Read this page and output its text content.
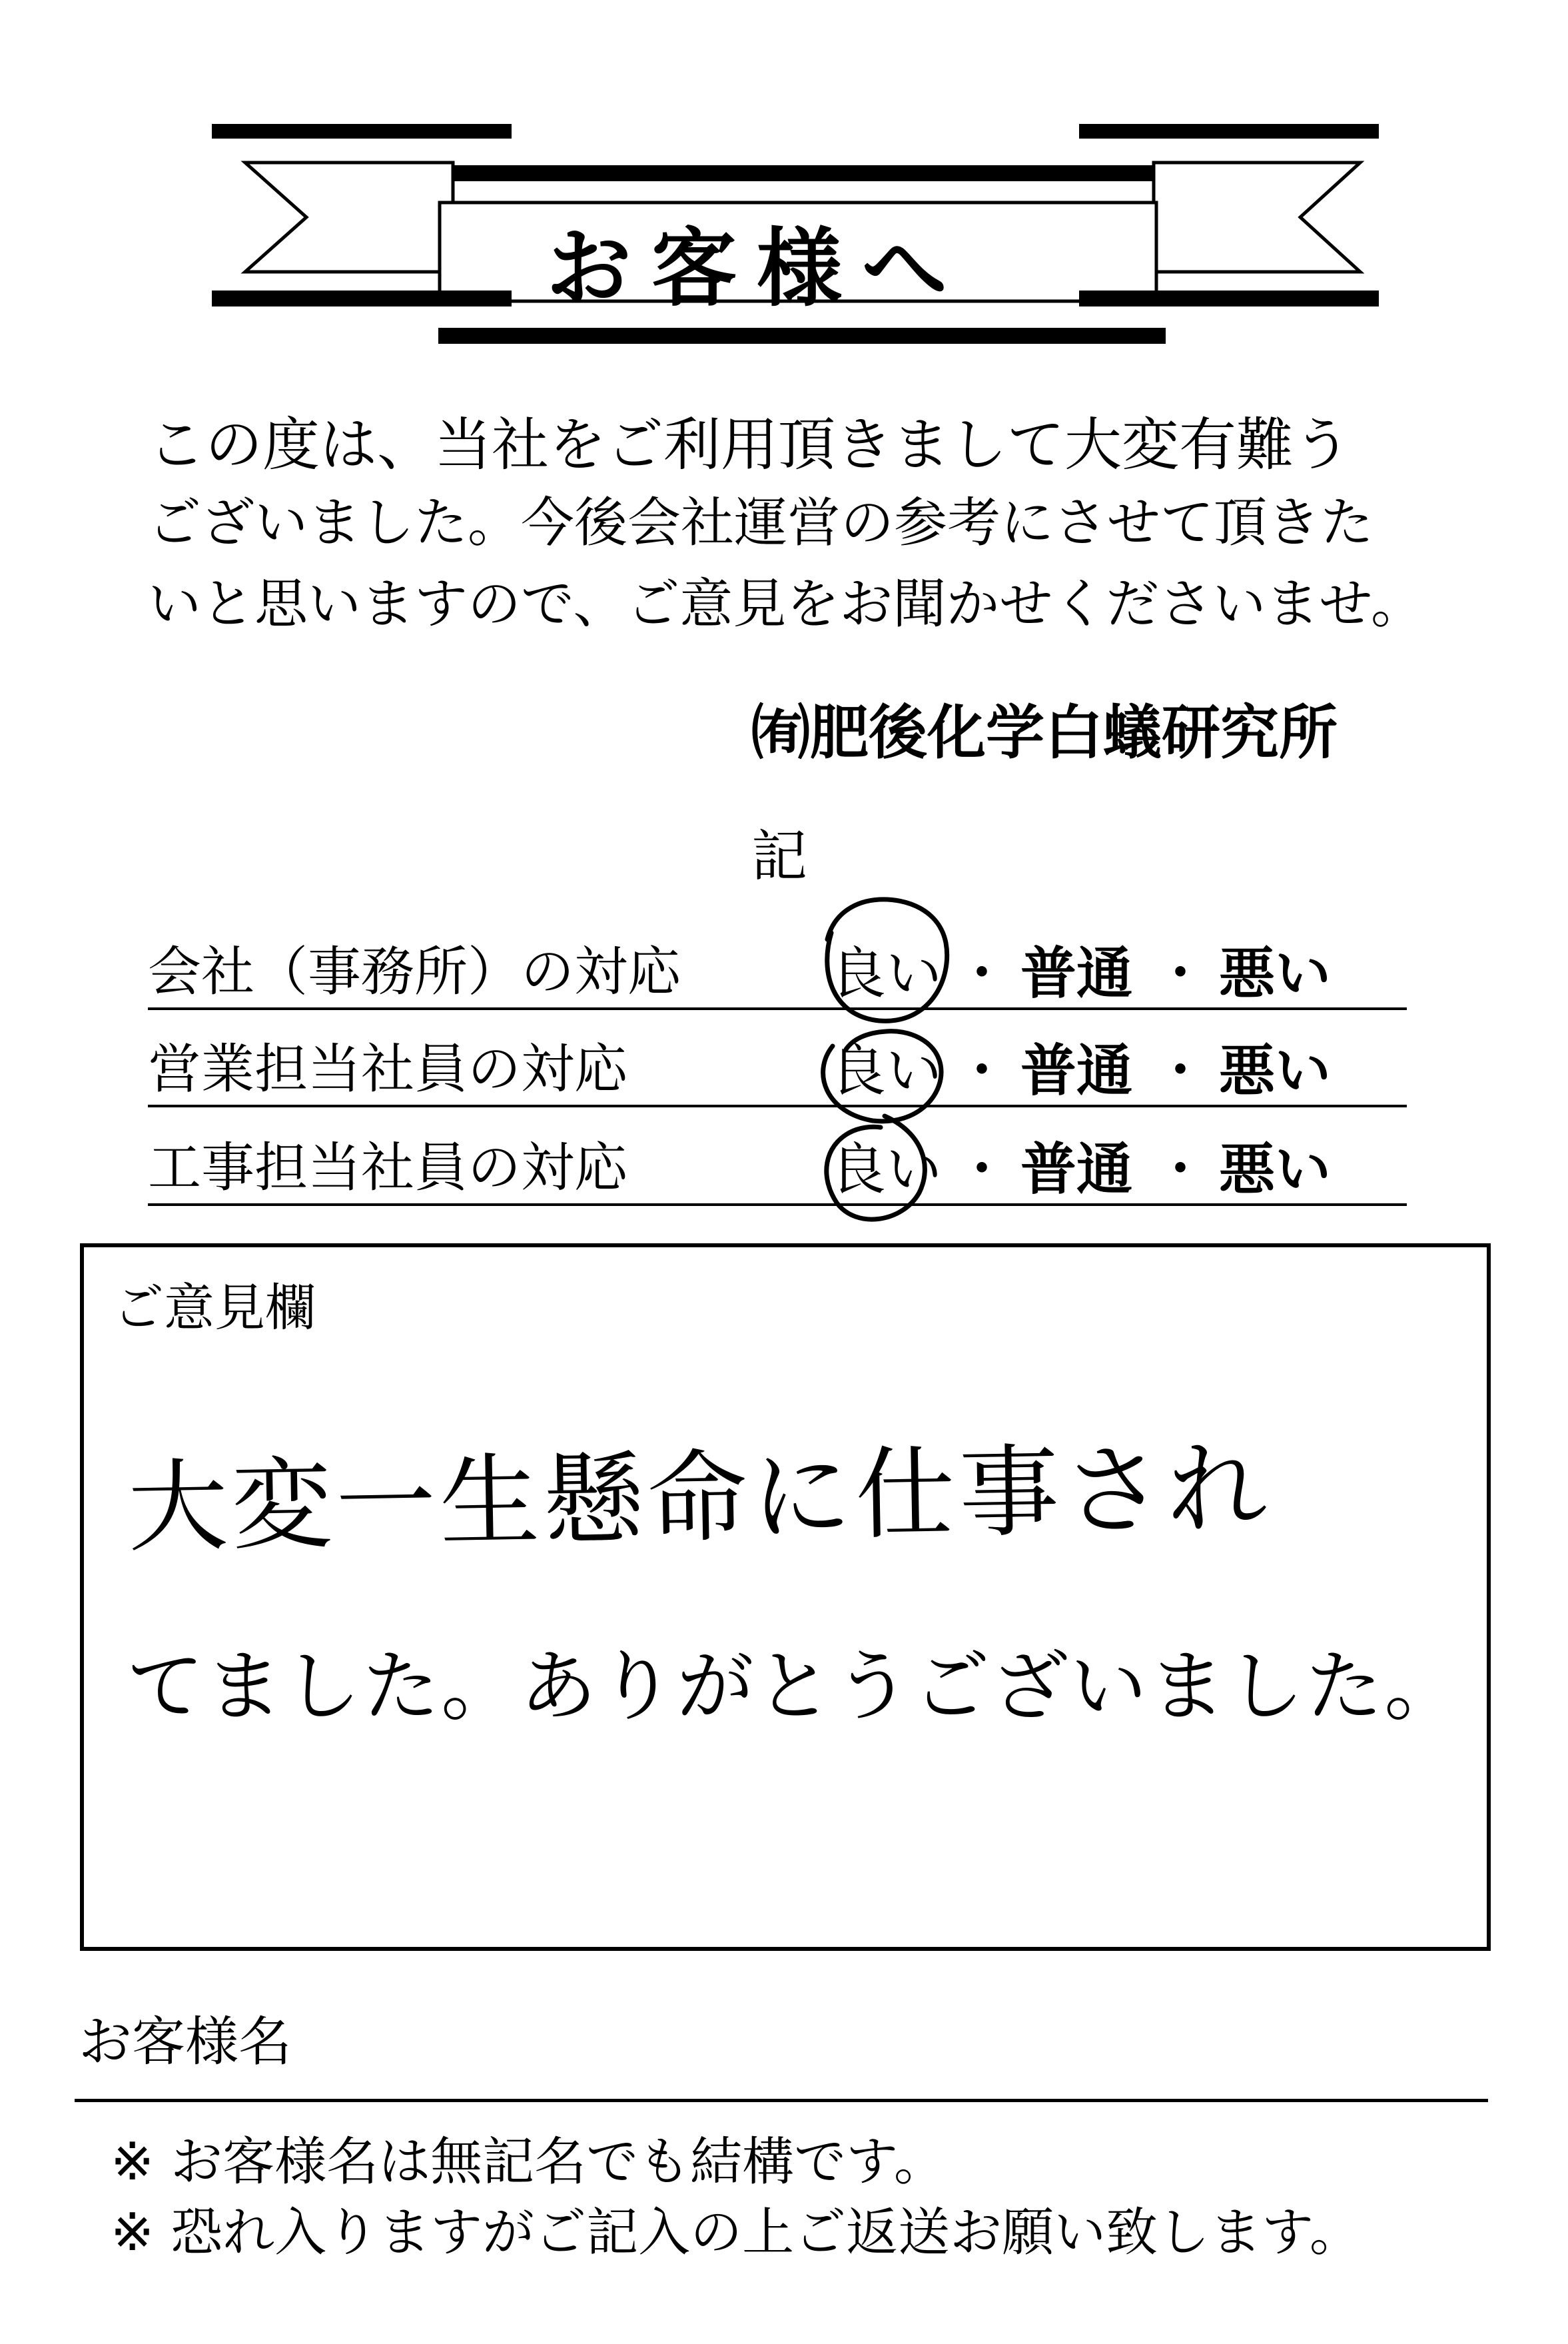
お客様へ
この度は、当社をご利用頂きまして大変有難う
ございました。今後会社運営の参考にさせて頂きた
いと思いますので、ご意見をお聞かせくださいませ。
㈲肥後化学白蟻研究所
記
会社（事務所）の対応	良い ・ 普通 ・ 悪い
営業担当社員の対応	良い ・ 普通 ・ 悪い
工事担当社員の対応	良い ・ 普通 ・ 悪い
ご意見欄
大変一生懸命に仕事され
てました。ありがとうございました。
お客様名
※ お客様名は無記名でも結構です。
※ 恐れ入りますがご記入の上ご返送お願い致します。
